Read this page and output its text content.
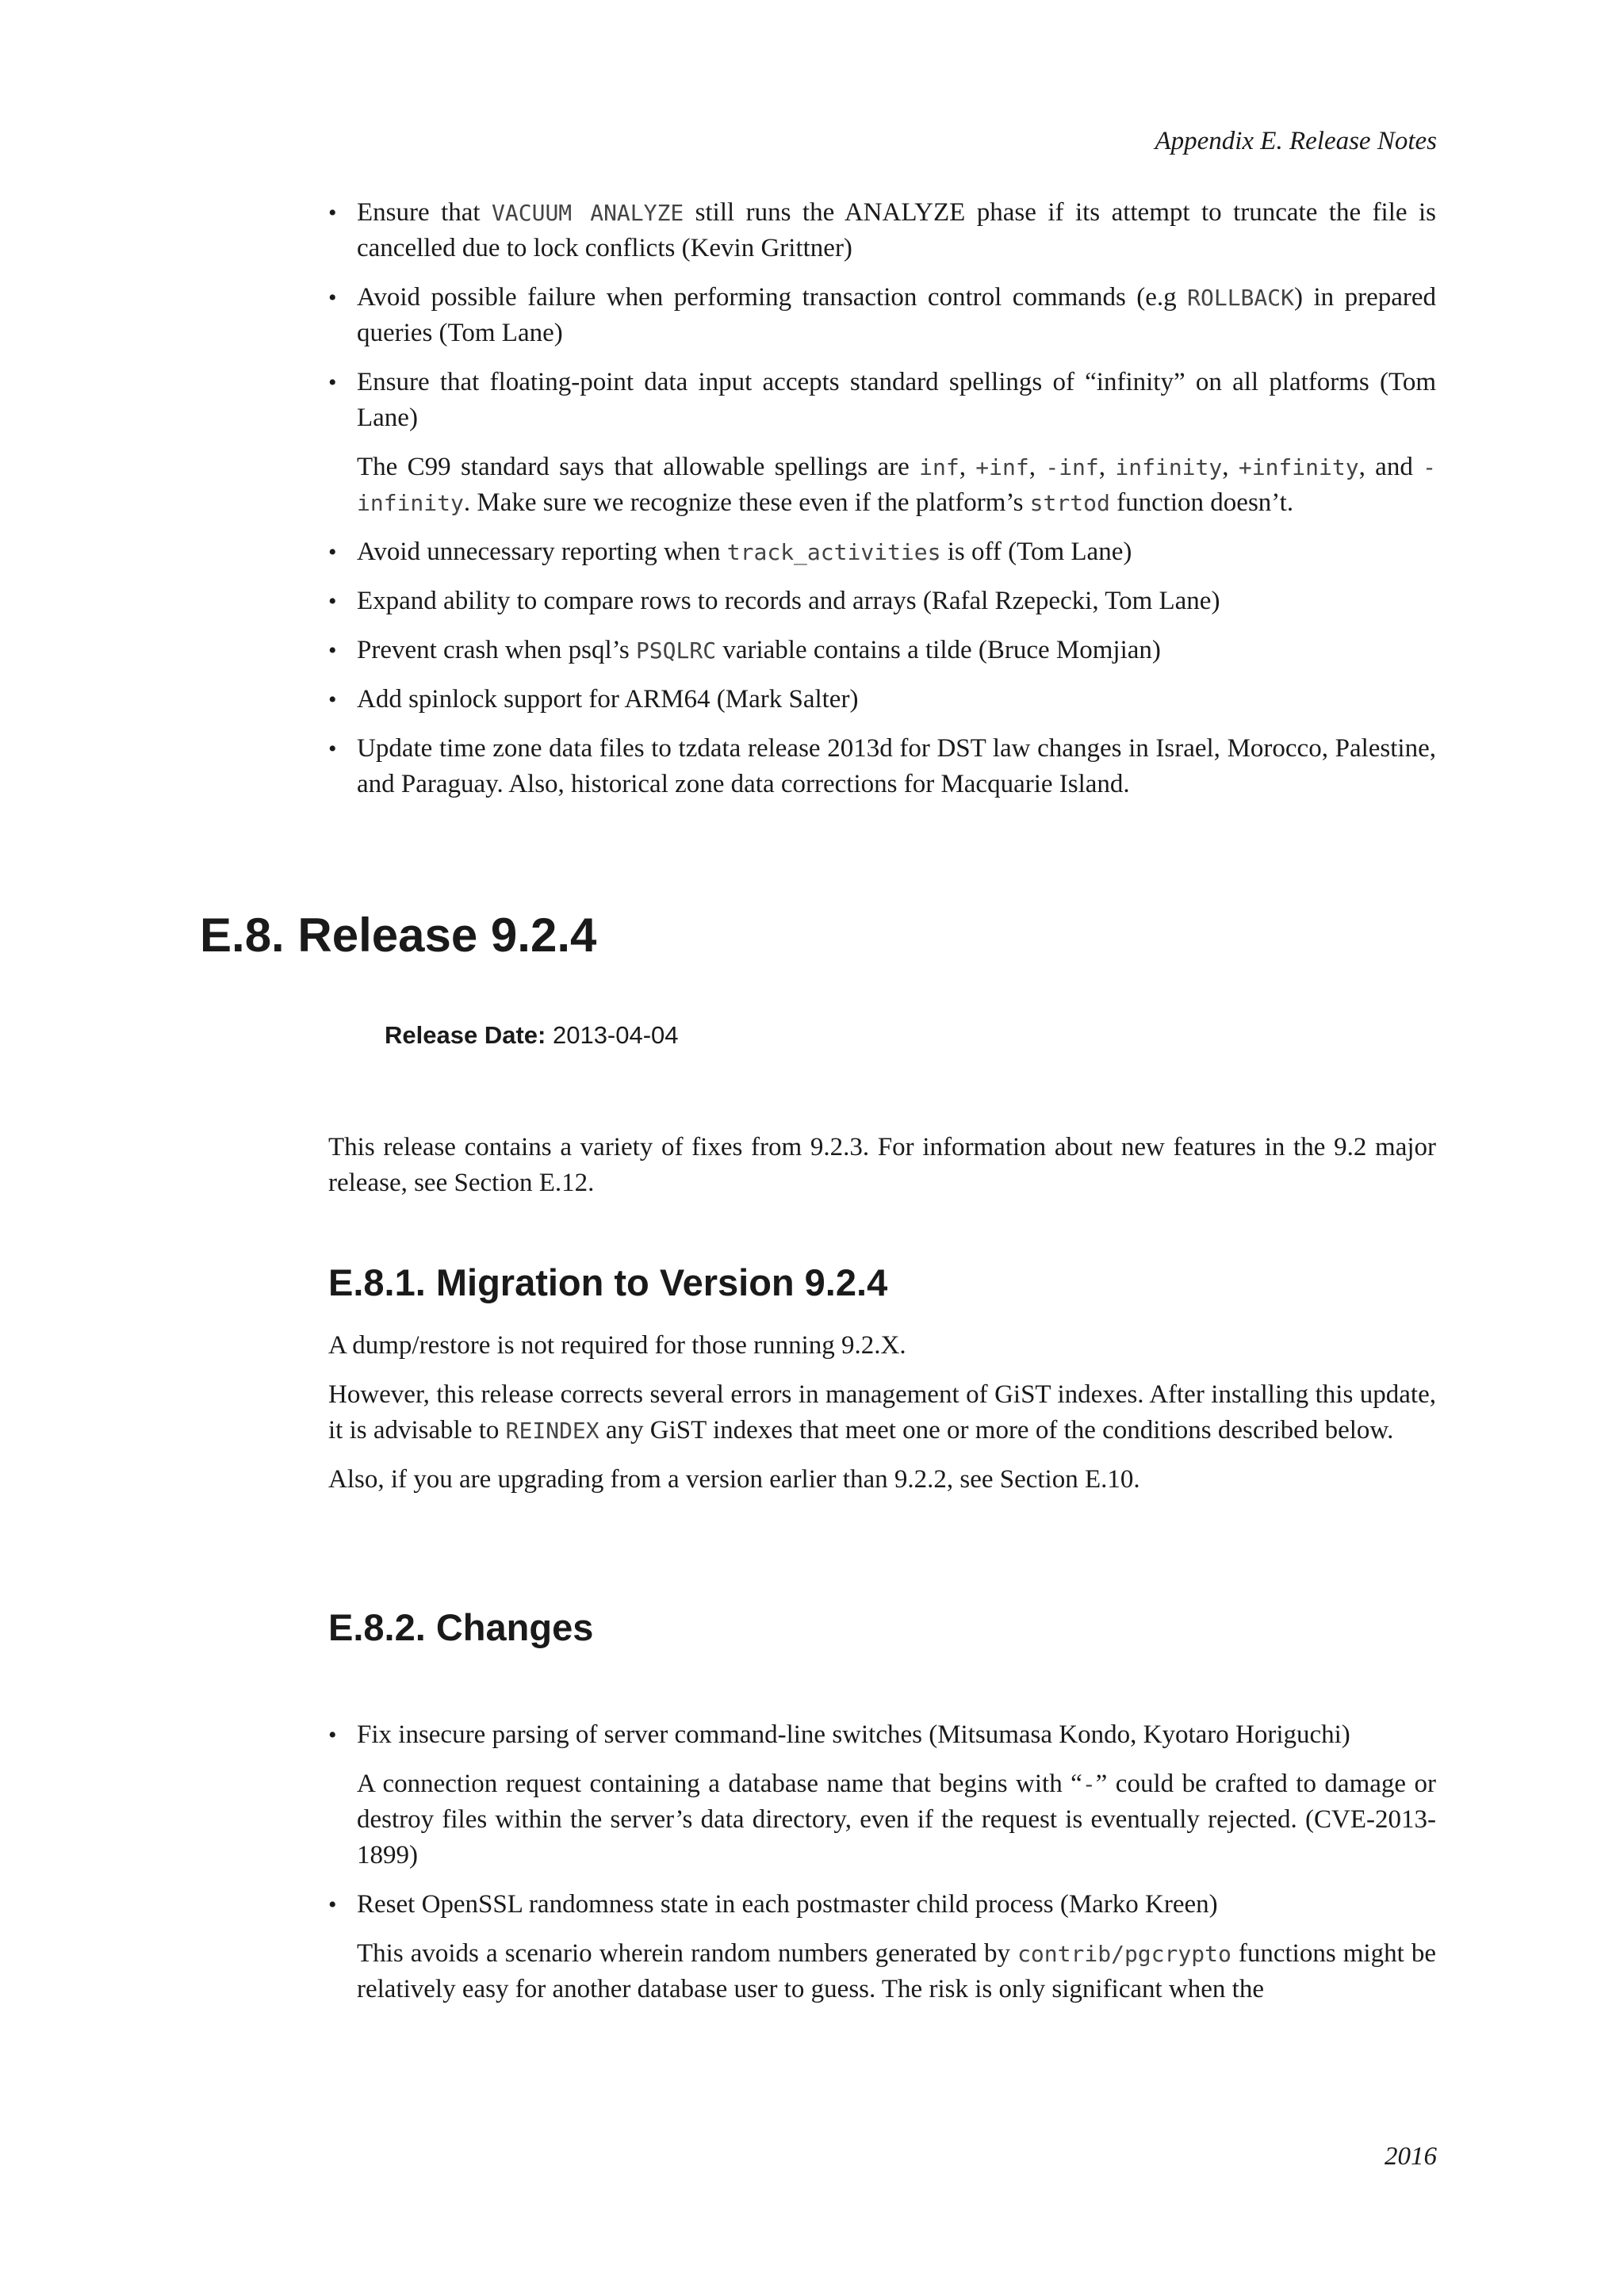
Appendix E. Release Notes

• Ensure that VACUUM ANALYZE still runs the ANALYZE phase if its attempt to truncate the file is cancelled due to lock conflicts (Kevin Grittner)

• Avoid possible failure when performing transaction control commands (e.g ROLLBACK) in prepared queries (Tom Lane)

• Ensure that floating-point data input accepts standard spellings of “infinity” on all platforms (Tom Lane)

The C99 standard says that allowable spellings are inf, +inf, -inf, infinity, +infinity, and -infinity. Make sure we recognize these even if the platform’s strtod function doesn’t.

• Avoid unnecessary reporting when track_activities is off (Tom Lane)

• Expand ability to compare rows to records and arrays (Rafal Rzepecki, Tom Lane)

• Prevent crash when psql’s PSQLRC variable contains a tilde (Bruce Momjian)

• Add spinlock support for ARM64 (Mark Salter)

• Update time zone data files to tzdata release 2013d for DST law changes in Israel, Morocco, Palestine, and Paraguay. Also, historical zone data corrections for Macquarie Island.

E.8. Release 9.2.4
Release Date: 2013-04-04

This release contains a variety of fixes from 9.2.3. For information about new features in the 9.2 major release, see Section E.12.

E.8.1. Migration to Version 9.2.4

A dump/restore is not required for those running 9.2.X.

However, this release corrects several errors in management of GiST indexes. After installing this update, it is advisable to REINDEX any GiST indexes that meet one or more of the conditions described below.

Also, if you are upgrading from a version earlier than 9.2.2, see Section E.10.

E.8.2. Changes

• Fix insecure parsing of server command-line switches (Mitsumasa Kondo, Kyotaro Horiguchi)

A connection request containing a database name that begins with “-” could be crafted to damage or destroy files within the server’s data directory, even if the request is eventually rejected. (CVE-2013-1899)

• Reset OpenSSL randomness state in each postmaster child process (Marko Kreen)

This avoids a scenario wherein random numbers generated by contrib/pgcrypto functions might be relatively easy for another database user to guess. The risk is only significant when the

2016
